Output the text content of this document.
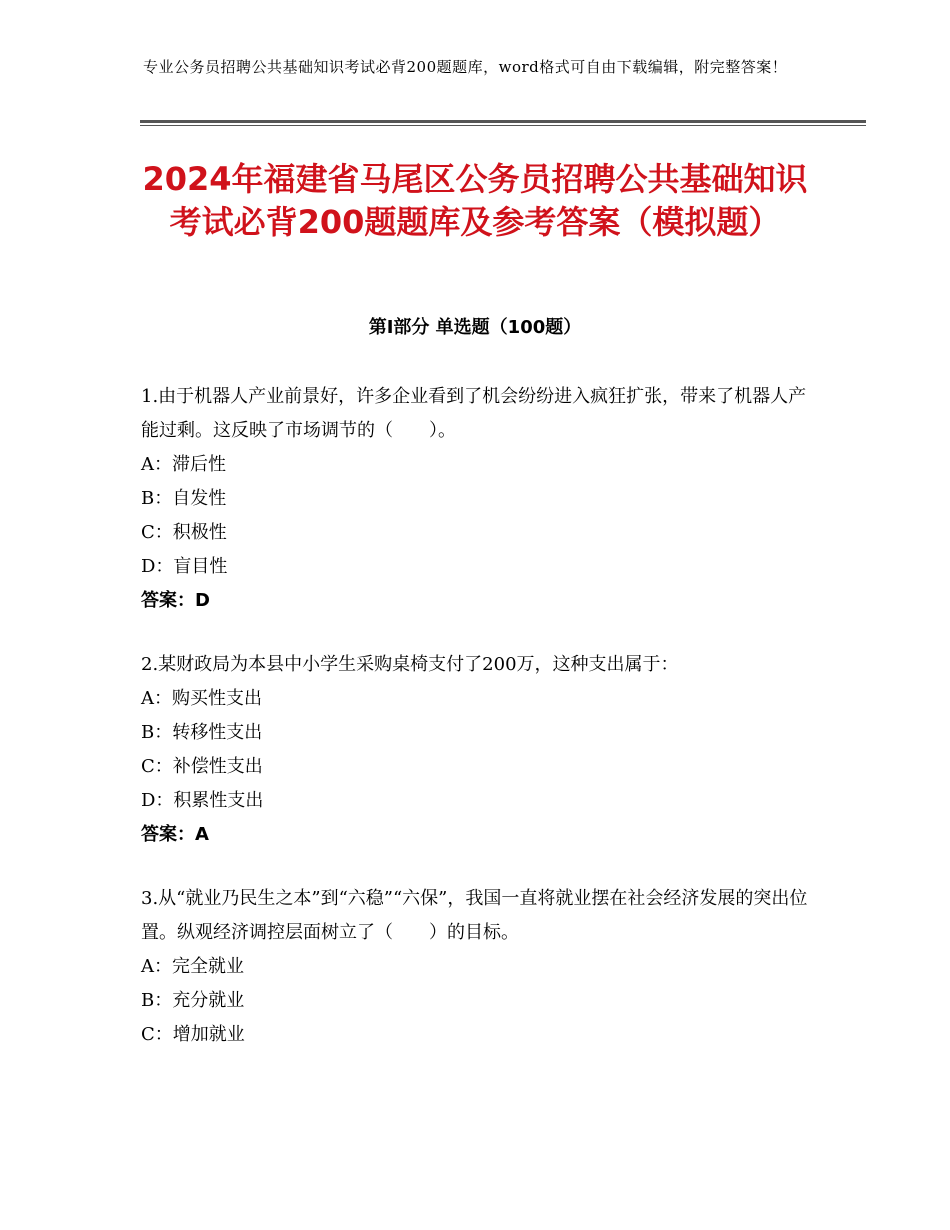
专业公务员招聘公共基础知识考试必背200题题库，word格式可自由下载编辑，附完整答案！
2024年福建省马尾区公务员招聘公共基础知识考试必背200题题库及参考答案（模拟题）
第Ⅰ部分 单选题（100题）

1.由于机器人产业前景好，许多企业看到了机会纷纷进入疯狂扩张，带来了机器人产能过剩。这反映了市场调节的（　　）。

A：滞后性

B：自发性

C：积极性

D：盲目性

答案：D

2.某财政局为本县中小学生采购桌椅支付了200万，这种支出属于：

A：购买性支出

B：转移性支出

C：补偿性支出

D：积累性支出

答案：A

3.从“就业乃民生之本”到“六稳”“六保”，我国一直将就业摆在社会经济发展的突出位置。纵观经济调控层面树立了（　　）的目标。

A：完全就业

B：充分就业

C：增加就业
